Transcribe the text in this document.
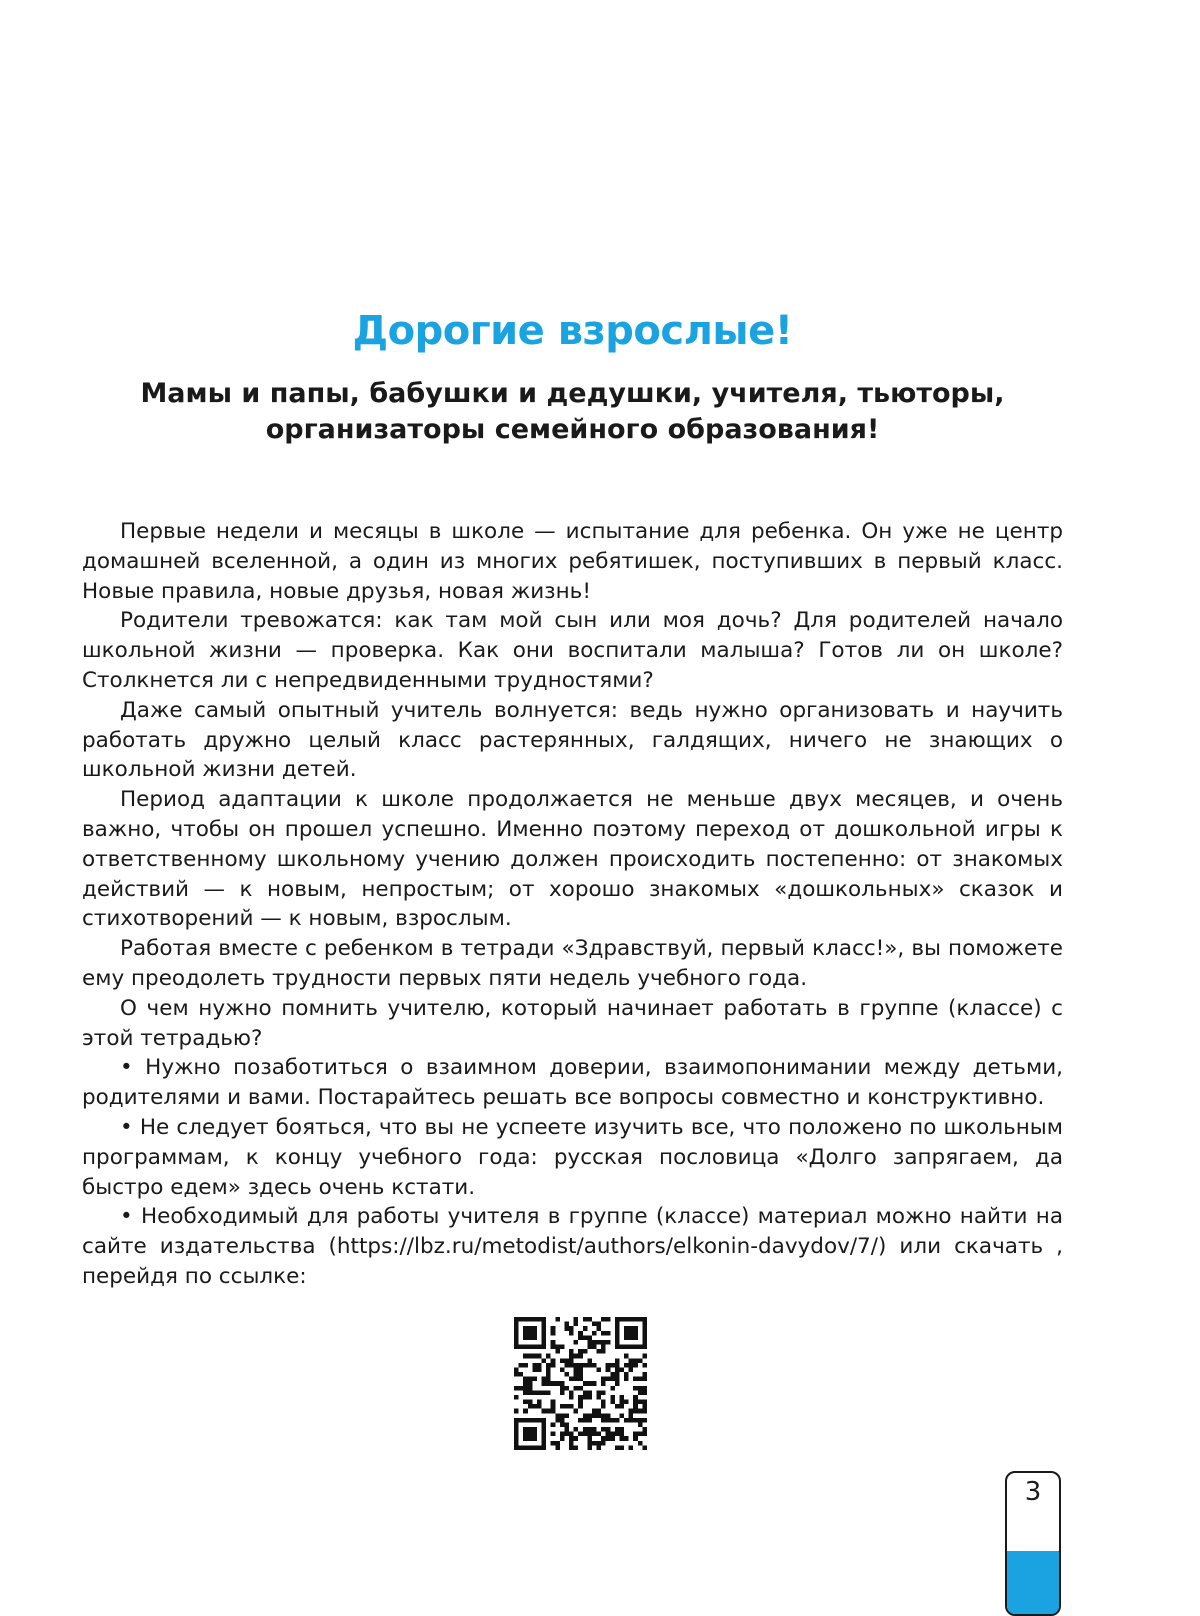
Дорогие взрослые!
Мамы и папы, бабушки и дедушки, учителя, тьюторы,
организаторы семейного образования!

Первые недели и месяцы в школе — испытание для ребенка. Он уже не центр домашней вселенной, а один из многих ребятишек, поступивших в первый класс. Новые правила, новые друзья, новая жизнь!

Родители тревожатся: как там мой сын или моя дочь? Для родителей начало школьной жизни — проверка. Как они воспитали малыша? Готов ли он школе? Столкнется ли с непредвиденными трудностями?

Даже самый опытный учитель волнуется: ведь нужно организовать и научить работать дружно целый класс растерянных, галдящих, ничего не знающих о школьной жизни детей.

Период адаптации к школе продолжается не меньше двух месяцев, и очень важно, чтобы он прошел успешно. Именно поэтому переход от дошкольной игры к ответственному школьному учению должен происходить постепенно: от знакомых действий — к новым, непростым; от хорошо знакомых «дошкольных» сказок и стихотворений — к новым, взрослым.

Работая вместе с ребенком в тетради «Здравствуй, первый класс!», вы поможете ему преодолеть трудности первых пяти недель учебного года.

О чем нужно помнить учителю, который начинает работать в группе (классе) с этой тетрадью?

• Нужно позаботиться о взаимном доверии, взаимопонимании между детьми, родителями и вами. Постарайтесь решать все вопросы совместно и конструктивно.

• Не следует бояться, что вы не успеете изучить все, что положено по школьным программам, к концу учебного года: русская пословица «Долго запрягаем, да быстро едем» здесь очень кстати.

• Необходимый для работы учителя в группе (классе) материал можно найти на сайте издательства (https://lbz.ru/metodist/authors/elkonin-davydov/7/) или скачать , перейдя по ссылке:

3
